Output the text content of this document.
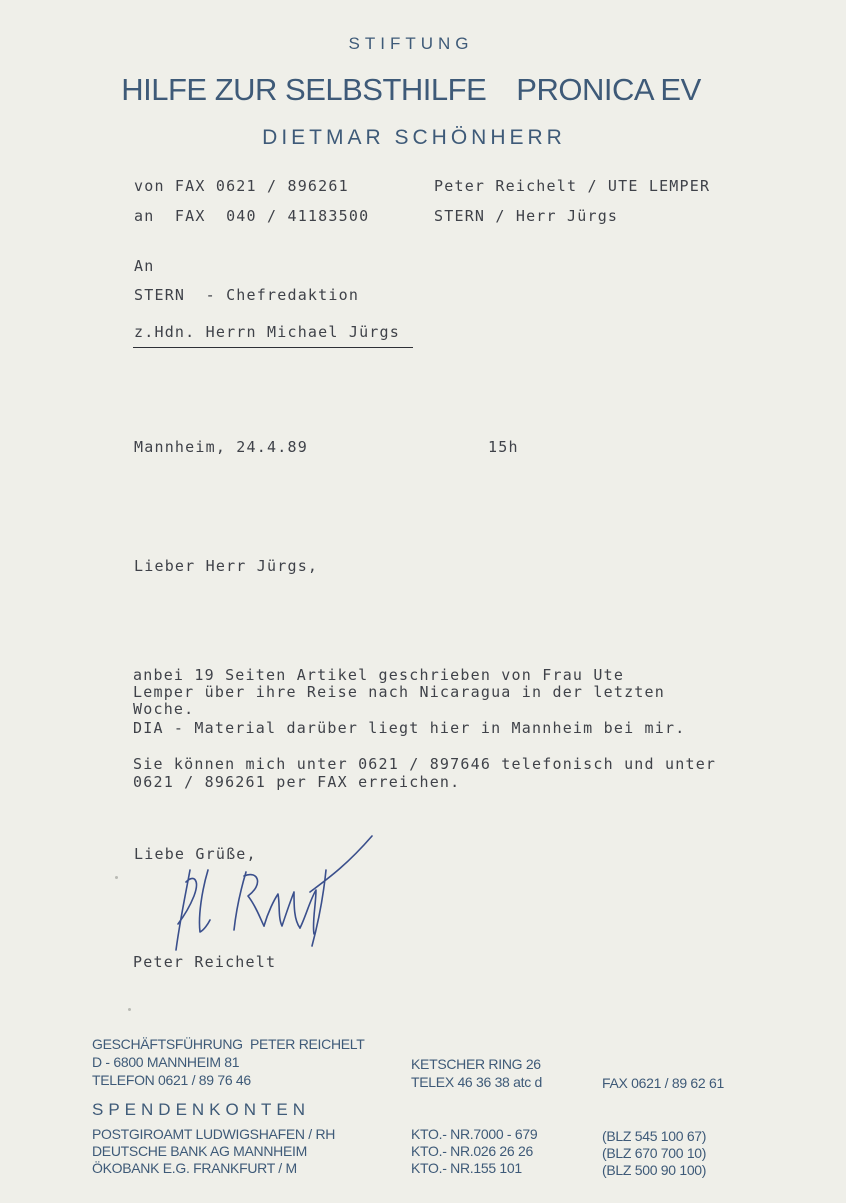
STIFTUNG
HILFE ZUR SELBSTHILFE PRONICA EV
DIETMAR SCHÖNHERR
von FAX 0621 / 896261	Peter Reichelt / UTE LEMPER
an  FAX  040 / 41183500	STERN / Herr Jürgs
An
STERN  - Chefredaktion
z.Hdn. Herrn Michael Jürgs
Mannheim, 24.4.89	15h
Lieber Herr Jürgs,
anbei 19 Seiten Artikel geschrieben von Frau Ute
Lemper über ihre Reise nach Nicaragua in der letzten
Woche.
DIA - Material darüber liegt hier in Mannheim bei mir.
Sie können mich unter 0621 / 897646 telefonisch und unter
0621 / 896261 per FAX erreichen.
Liebe Grüße,
Peter Reichelt
GESCHÄFTSFÜHRUNG  PETER REICHELT
D - 6800 MANNHEIM 81
TELEFON 0621 / 89 76 46
KETSCHER RING 26
TELEX 46 36 38 atc d	FAX 0621 / 89 62 61
SPENDENKONTEN
POSTGIROAMT LUDWIGSHAFEN / RH	KTO.- NR.7000 - 679	(BLZ 545 100 67)
DEUTSCHE BANK AG MANNHEIM	KTO.- NR.026 26 26	(BLZ 670 700 10)
ÖKOBANK E.G. FRANKFURT / M	KTO.- NR.155 101	(BLZ 500 90 100)
